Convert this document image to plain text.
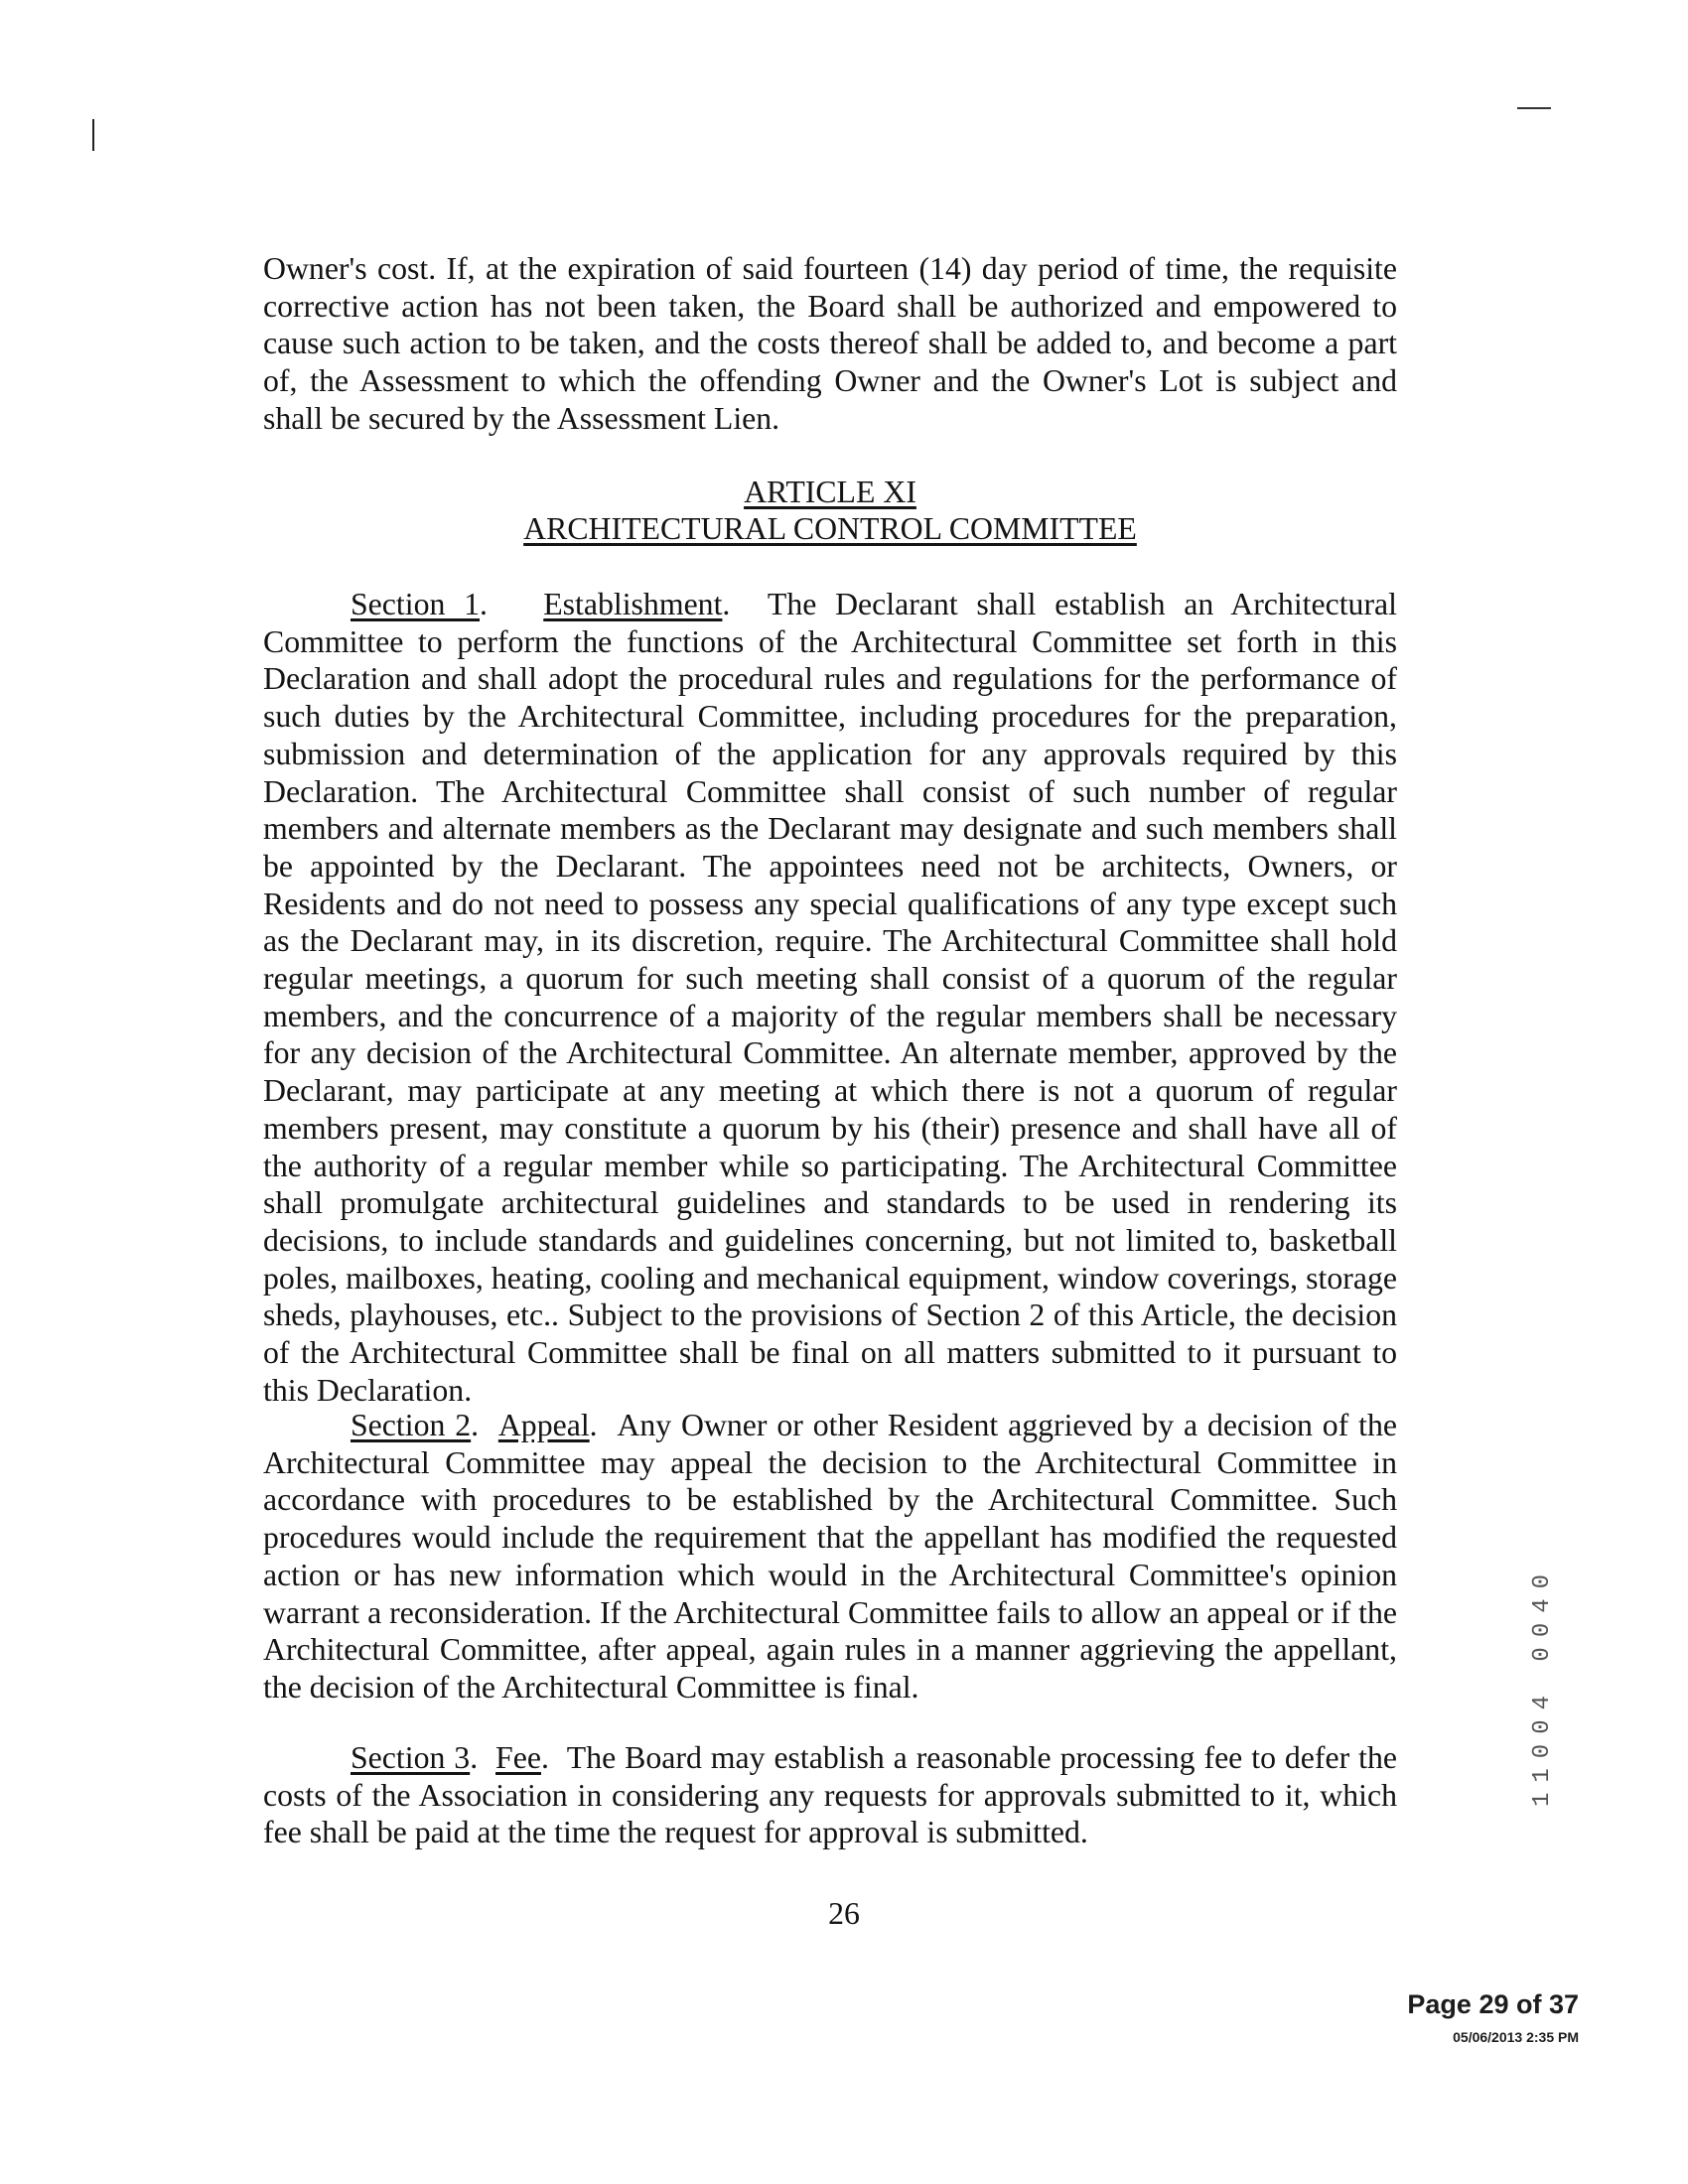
Owner's cost. If, at the expiration of said fourteen (14) day period of time, the requisite corrective action has not been taken, the Board shall be authorized and empowered to cause such action to be taken, and the costs thereof shall be added to, and become a part of, the Assessment to which the offending Owner and the Owner's Lot is subject and shall be secured by the Assessment Lien.

ARTICLE XI
ARCHITECTURAL CONTROL COMMITTEE

Section 1.   Establishment.  The Declarant shall establish an Architectural Committee to perform the functions of the Architectural Committee set forth in this Declaration and shall adopt the procedural rules and regulations for the performance of such duties by the Architectural Committee, including procedures for the preparation, submission and determination of the application for any approvals required by this Declaration. The Architectural Committee shall consist of such number of regular members and alternate members as the Declarant may designate and such members shall be appointed by the Declarant. The appointees need not be architects, Owners, or Residents and do not need to possess any special qualifications of any type except such as the Declarant may, in its discretion, require. The Architectural Committee shall hold regular meetings, a quorum for such meeting shall consist of a quorum of the regular members, and the concurrence of a majority of the regular members shall be necessary for any decision of the Architectural Committee. An alternate member, approved by the Declarant, may participate at any meeting at which there is not a quorum of regular members present, may constitute a quorum by his (their) presence and shall have all of the authority of a regular member while so participating. The Architectural Committee shall promulgate architectural guidelines and standards to be used in rendering its decisions, to include standards and guidelines concerning, but not limited to, basketball poles, mailboxes, heating, cooling and mechanical equipment, window coverings, storage sheds, playhouses, etc.. Subject to the provisions of Section 2 of this Article, the decision of the Architectural Committee shall be final on all matters submitted to it pursuant to this Declaration.

Section 2.  Appeal.  Any Owner or other Resident aggrieved by a decision of the Architectural Committee may appeal the decision to the Architectural Committee in accordance with procedures to be established by the Architectural Committee. Such procedures would include the requirement that the appellant has modified the requested action or has new information which would in the Architectural Committee's opinion warrant a reconsideration. If the Architectural Committee fails to allow an appeal or if the Architectural Committee, after appeal, again rules in a manner aggrieving the appellant, the decision of the Architectural Committee is final.

Section 3.  Fee.  The Board may establish a reasonable processing fee to defer the costs of the Association in considering any requests for approvals submitted to it, which fee shall be paid at the time the request for approval is submitted.

26
11004 0040
Page 29 of 37
05/06/2013 2:35 PM
